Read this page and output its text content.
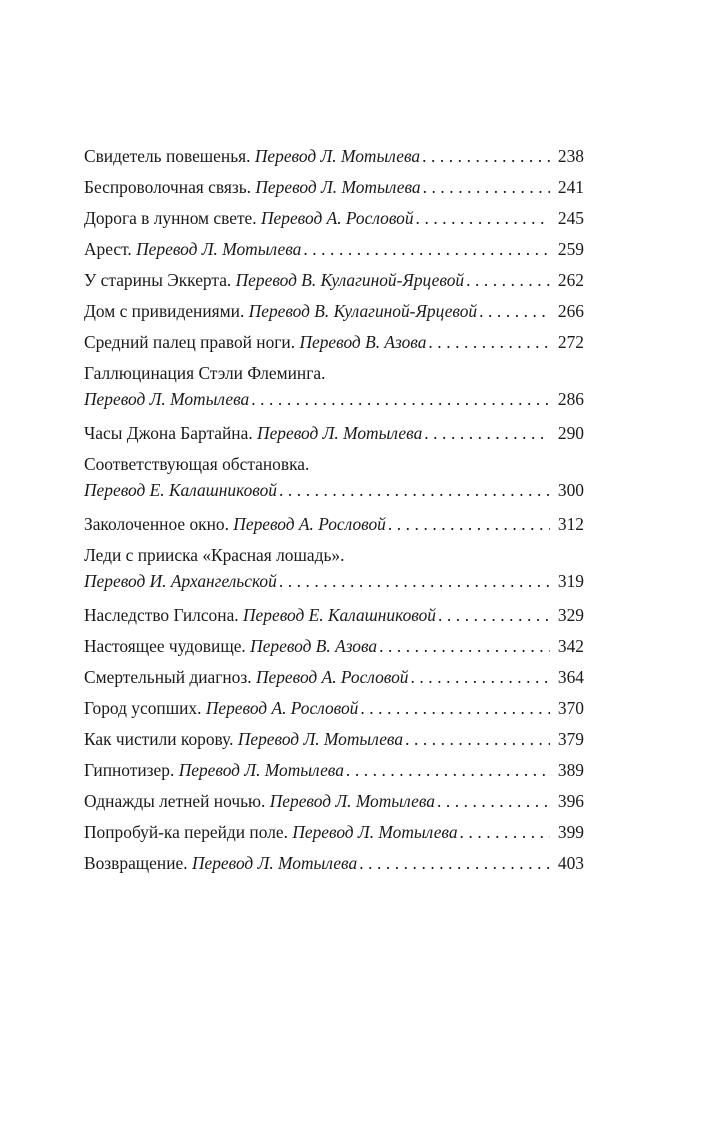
Свидетель повешенья.
Перевод Л. Мотылева . . .	238
Беспроволочная связь.
Перевод Л. Мотылева . . .	241
Дорога в лунном свете.
Перевод А. Рословой . . .	245
Арест.
Перевод Л. Мотылева . . .	259
У старины Эккерта.
Перевод В. Кулагиной-Ярцевой . . .	262
Дом с привидениями.
Перевод В. Кулагиной-Ярцевой . . .	266
Средний палец правой ноги.
Перевод В. Азова . . .	272
Галлюцинация Стэли Флеминга.
Перевод Л. Мотылева . . .	286
Часы Джона Бартайна.
Перевод Л. Мотылева . . .	290
Соответствующая обстановка.
Перевод Е. Калашниковой . . .	300
Заколоченное окно.
Перевод А. Рословой . . .	312
Леди с прииска «Красная лошадь».
Перевод И. Архангельской . . .	319
Наследство Гилсона.
Перевод Е. Калашниковой . . .	329
Настоящее чудовище.
Перевод В. Азова . . .	342
Смертельный диагноз.
Перевод А. Рословой . . .	364
Город усопших.
Перевод А. Рословой . . .	370
Как чистили корову.
Перевод Л. Мотылева . . .	379
Гипнотизер.
Перевод Л. Мотылева . . .	389
Однажды летней ночью.
Перевод Л. Мотылева . . .	396
Попробуй-ка перейди поле.
Перевод Л. Мотылева . . .	399
Возвращение.
Перевод Л. Мотылева . . .	403
